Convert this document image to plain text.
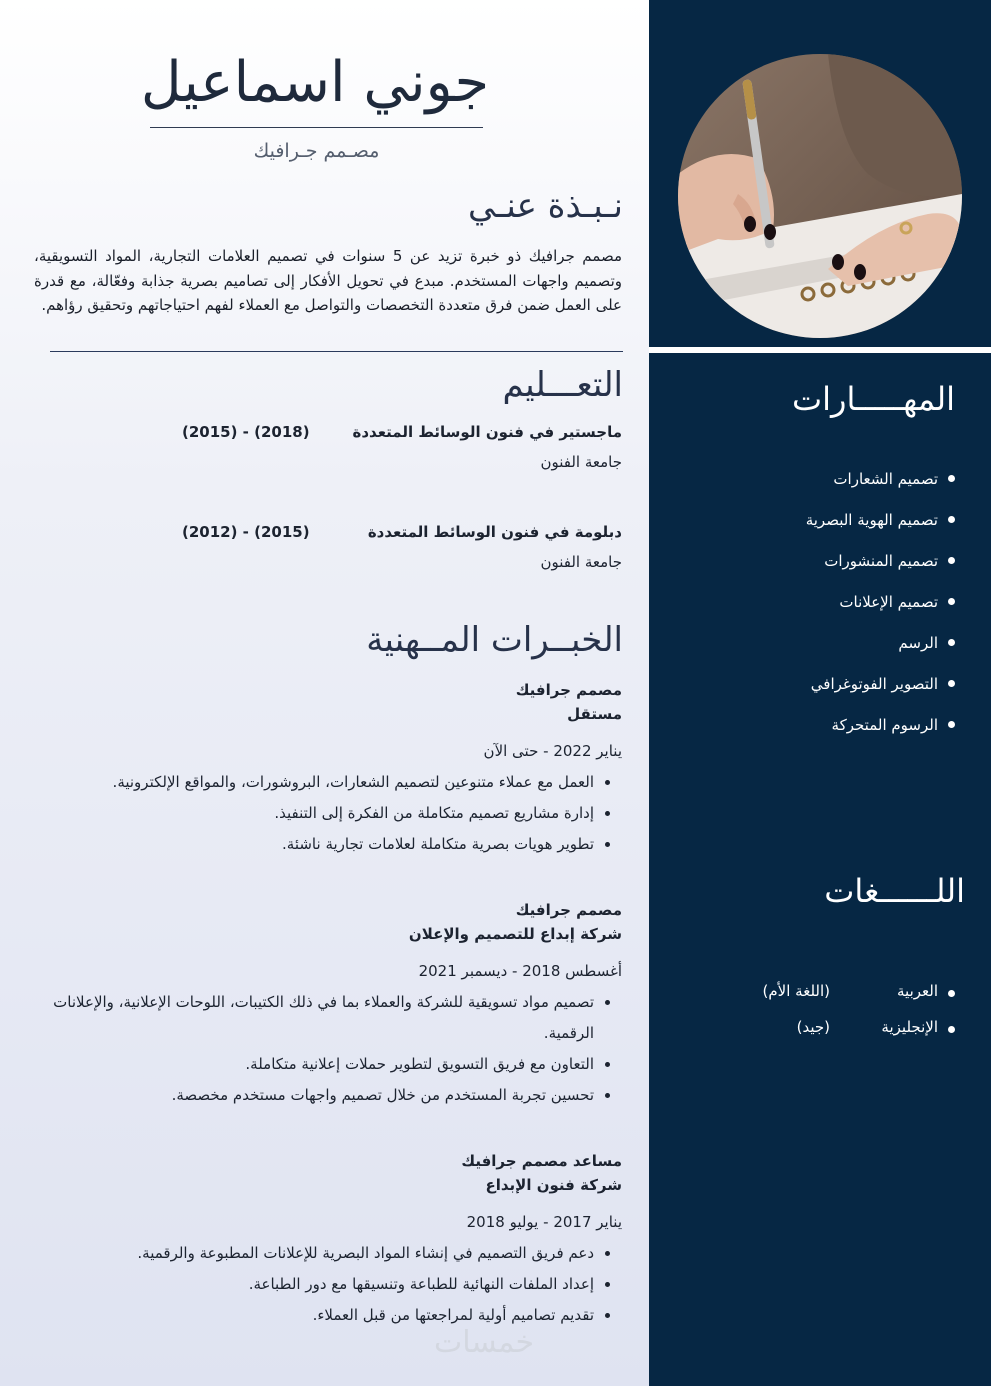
جوني اسماعيل
مصـمم جـرافيك
نـبـذة عنـي
مصمم جرافيك ذو خبرة تزيد عن 5 سنوات في تصميم العلامات التجارية، المواد التسويقية، وتصميم واجهات المستخدم. مبدع في تحويل الأفكار إلى تصاميم بصرية جذابة وفعّالة، مع قدرة على العمل ضمن فرق متعددة التخصصات والتواصل مع العملاء لفهم احتياجاتهم وتحقيق رؤاهم.
التعـــليم
ماجستير في فنون الوسائط المتعددة
(2015) - (2018)
جامعة الفنون
دبلومة في فنون الوسائط المتعددة
(2012) - (2015)
جامعة الفنون
الخبــرات المــهنية
مصمم جرافيك
مستقل
يناير 2022 - حتى الآن
• العمل مع عملاء متنوعين لتصميم الشعارات، البروشورات، والمواقع الإلكترونية.
• إدارة مشاريع تصميم متكاملة من الفكرة إلى التنفيذ.
• تطوير هويات بصرية متكاملة لعلامات تجارية ناشئة.
مصمم جرافيك
شركة إبداع للتصميم والإعلان
أغسطس 2018 - ديسمبر 2021
• تصميم مواد تسويقية للشركة والعملاء بما في ذلك الكتيبات، اللوحات الإعلانية، والإعلانات الرقمية.
• التعاون مع فريق التسويق لتطوير حملات إعلانية متكاملة.
• تحسين تجربة المستخدم من خلال تصميم واجهات مستخدم مخصصة.
مساعد مصمم جرافيك
شركة فنون الإبداع
يناير 2017 - يوليو 2018
• دعم فريق التصميم في إنشاء المواد البصرية للإعلانات المطبوعة والرقمية.
• إعداد الملفات النهائية للطباعة وتنسيقها مع دور الطباعة.
• تقديم تصاميم أولية لمراجعتها من قبل العملاء.
المهـــــارات
تصميم الشعارات
تصميم الهوية البصرية
تصميم المنشورات
تصميم الإعلانات
الرسم
التصوير الفوتوغرافي
الرسوم المتحركة
اللــــــغات
العربية
(اللغة الأم)
الإنجليزية
(جيد)
خمسات
